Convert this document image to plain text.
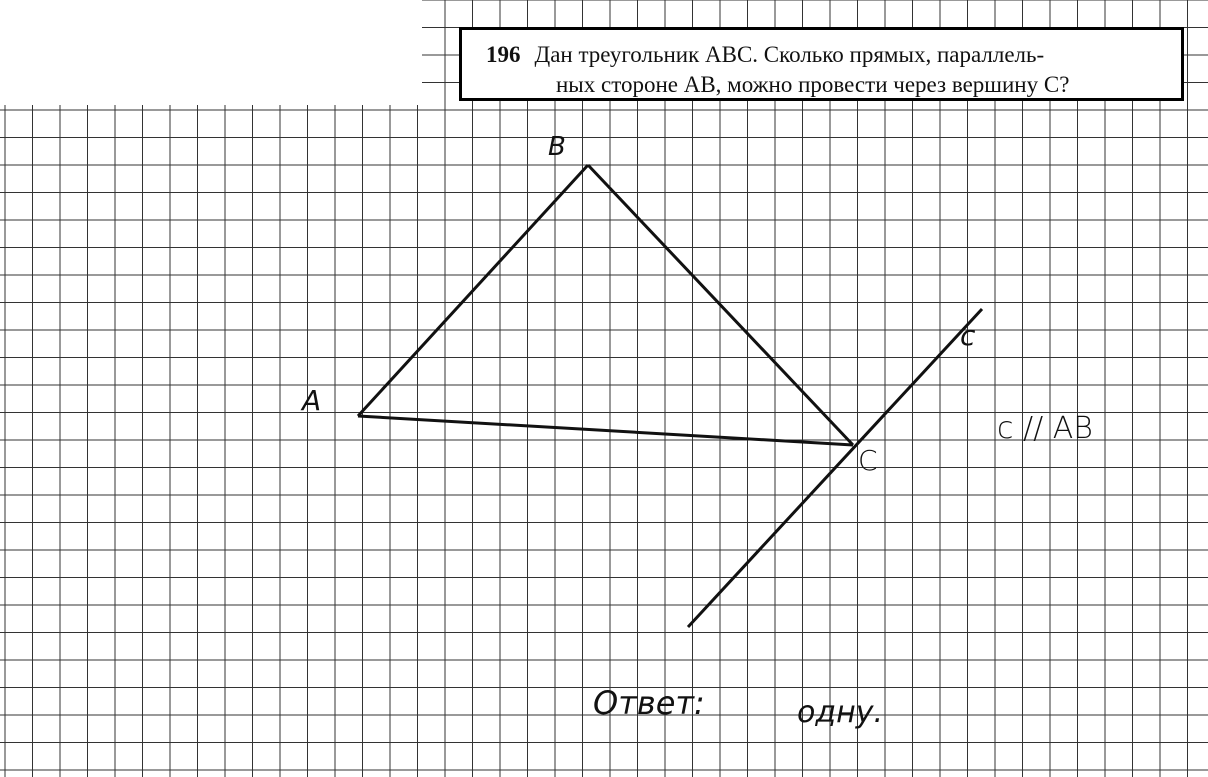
196 Дан треугольник ABC. Сколько прямых, параллель-
ных стороне AB, можно провести через вершину C?
B
A
C
c
c // AB
Ответ:	одну.
